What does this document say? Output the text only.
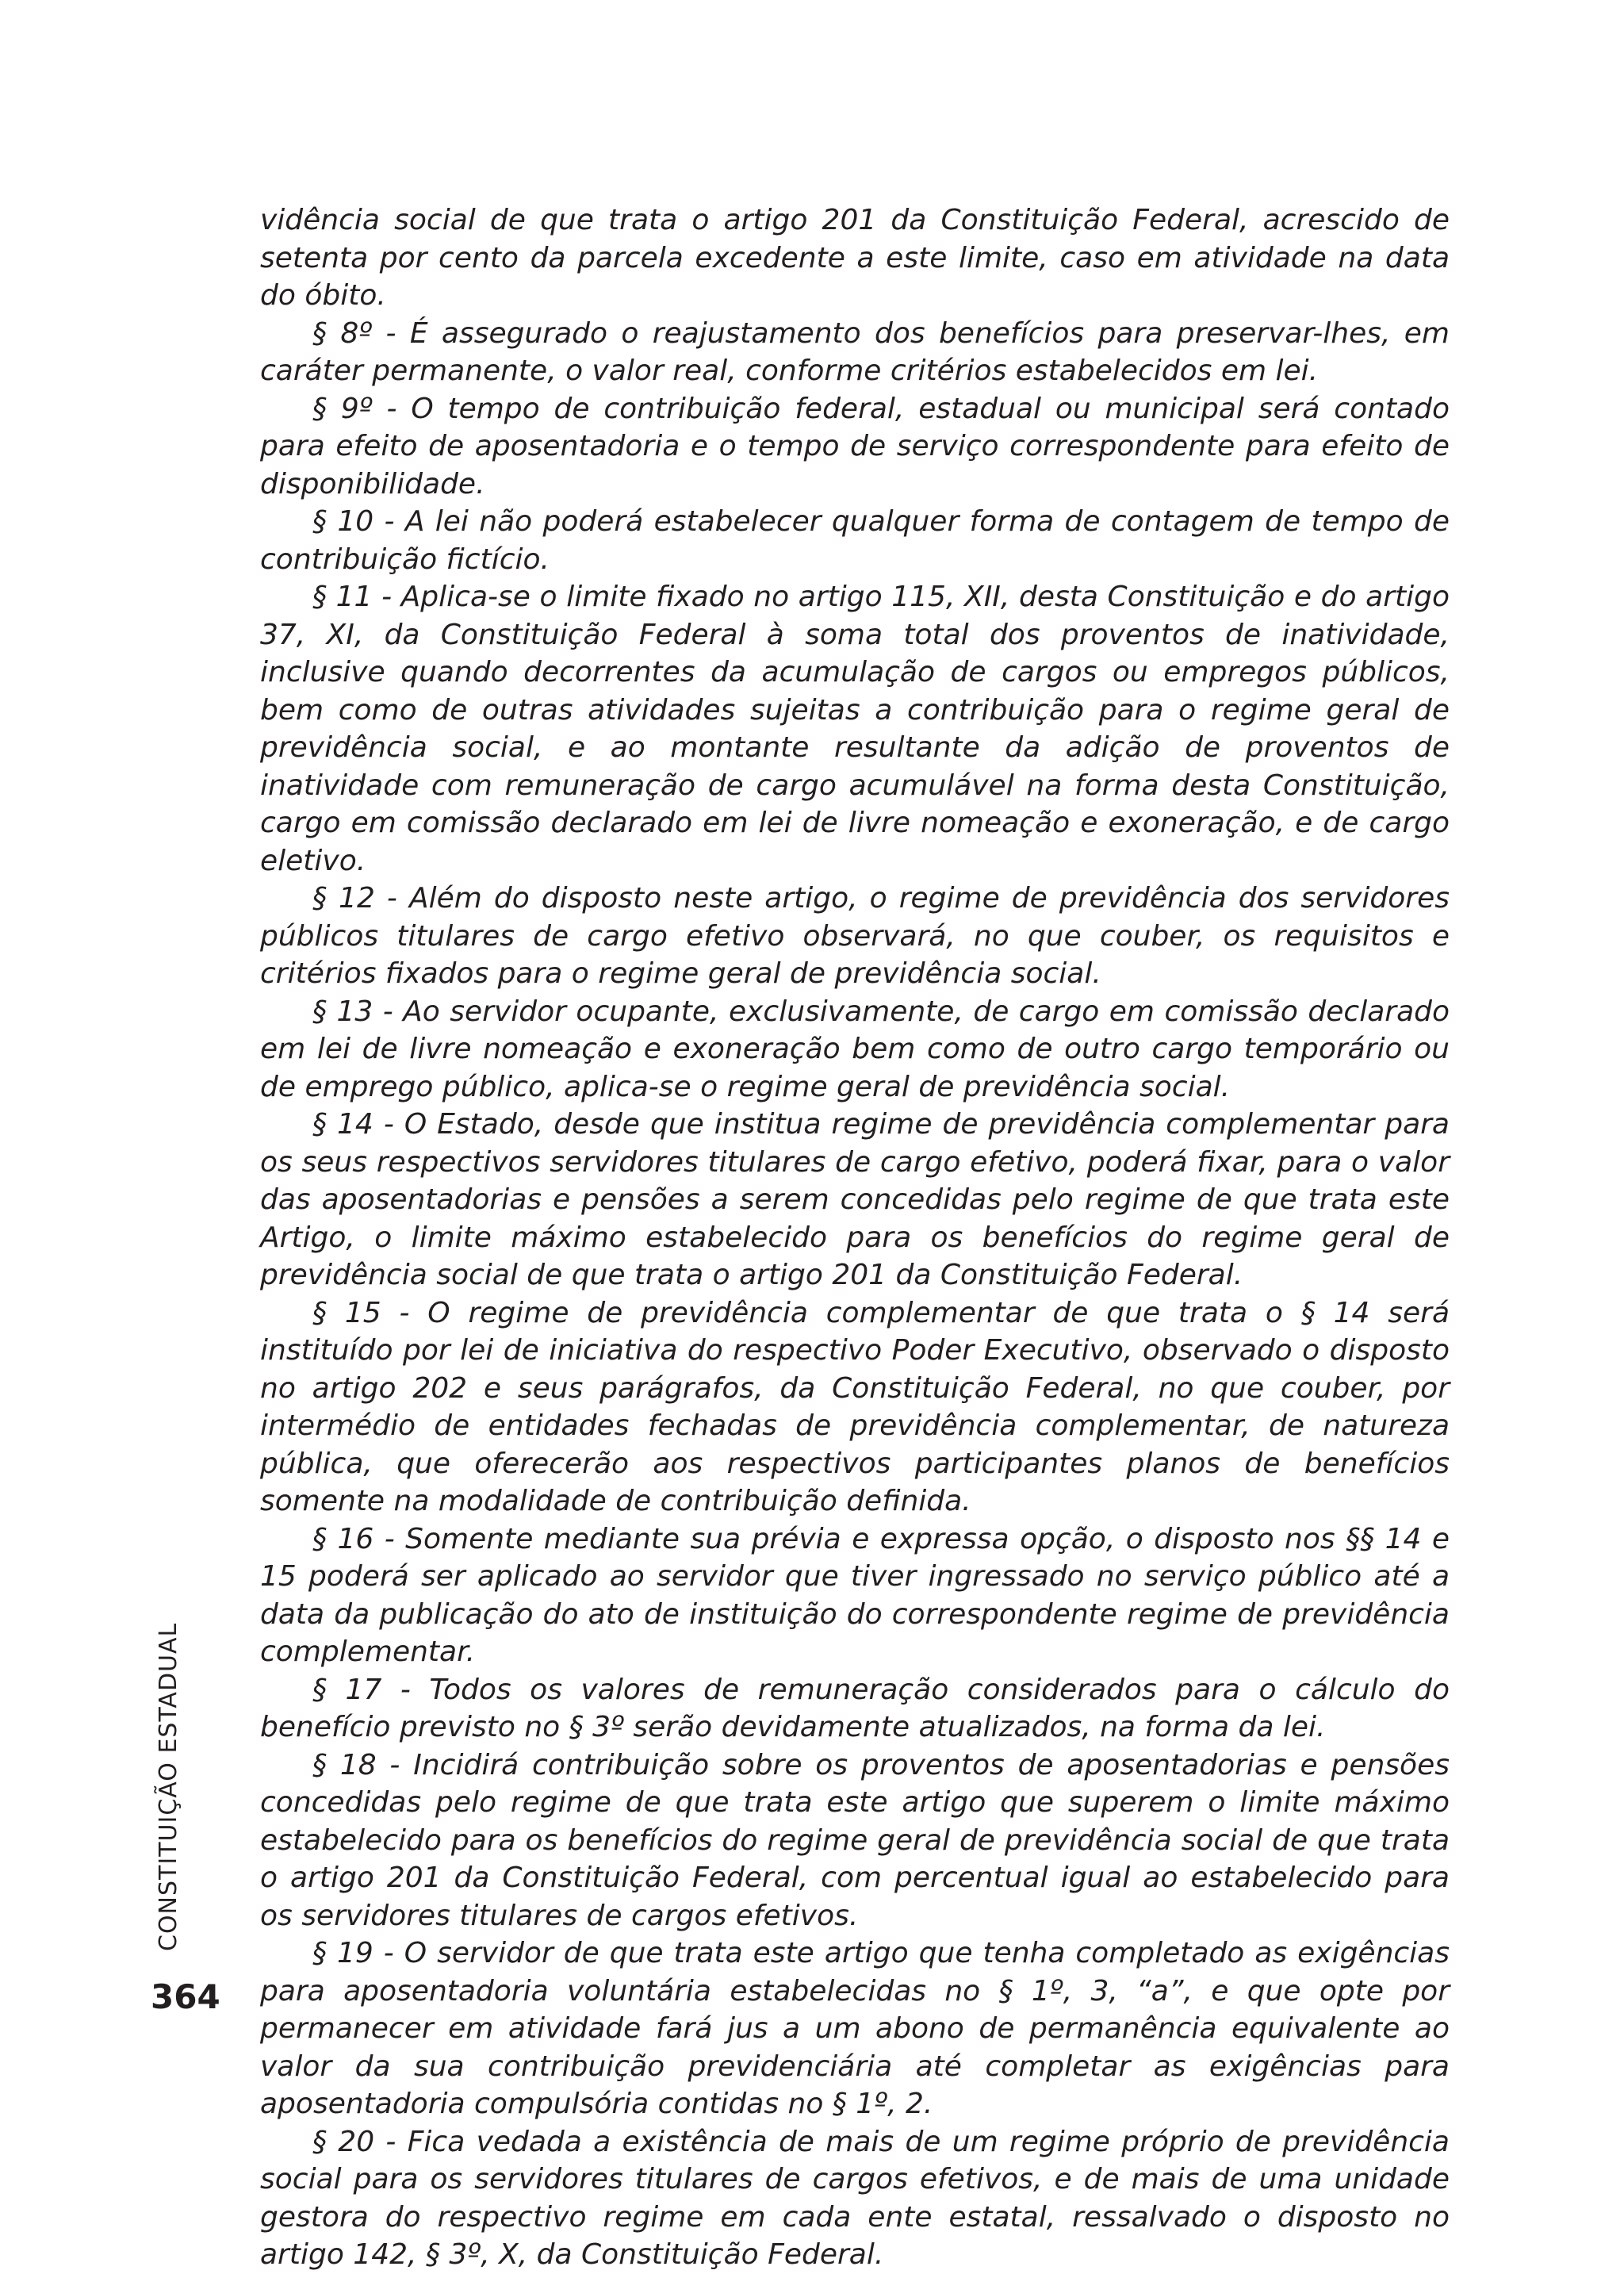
vidência social de que trata o artigo 201 da Constituição Federal, acrescido de setenta por cento da parcela excedente a este limite, caso em atividade na data do óbito.

§ 8º - É assegurado o reajustamento dos benefícios para preservar-lhes, em caráter permanente, o valor real, conforme critérios estabelecidos em lei.

§ 9º - O tempo de contribuição federal, estadual ou municipal será contado para efeito de aposentadoria e o tempo de serviço correspondente para efeito de disponibilidade.

§ 10 - A lei não poderá estabelecer qualquer forma de contagem de tempo de contribuição fictício.

§ 11 - Aplica-se o limite fixado no artigo 115, XII, desta Constituição e do artigo 37, XI, da Constituição Federal à soma total dos proventos de inatividade, inclusive quando decorrentes da acumulação de cargos ou empregos públicos, bem como de outras atividades sujeitas a contribuição para o regime geral de previdência social, e ao montante resultante da adição de proventos de inatividade com remuneração de cargo acumulável na forma desta Constituição, cargo em comissão declarado em lei de livre nomeação e exoneração, e de cargo eletivo.

§ 12 - Além do disposto neste artigo, o regime de previdência dos servidores públicos titulares de cargo efetivo observará, no que couber, os requisitos e critérios fixados para o regime geral de previdência social.

§ 13 - Ao servidor ocupante, exclusivamente, de cargo em comissão declarado em lei de livre nomeação e exoneração bem como de outro cargo temporário ou de emprego público, aplica-se o regime geral de previdência social.

§ 14 - O Estado, desde que institua regime de previdência complementar para os seus respectivos servidores titulares de cargo efetivo, poderá fixar, para o valor das aposentadorias e pensões a serem concedidas pelo regime de que trata este Artigo, o limite máximo estabelecido para os benefícios do regime geral de previdência social de que trata o artigo 201 da Constituição Federal.

§ 15 - O regime de previdência complementar de que trata o § 14 será instituído por lei de iniciativa do respectivo Poder Executivo, observado o disposto no artigo 202 e seus parágrafos, da Constituição Federal, no que couber, por intermédio de entidades fechadas de previdência complementar, de natureza pública, que oferecerão aos respectivos participantes planos de benefícios somente na modalidade de contribuição definida.

§ 16 - Somente mediante sua prévia e expressa opção, o disposto nos §§ 14 e 15 poderá ser aplicado ao servidor que tiver ingressado no serviço público até a data da publicação do ato de instituição do correspondente regime de previdência complementar.

§ 17 - Todos os valores de remuneração considerados para o cálculo do benefício previsto no § 3º serão devidamente atualizados, na forma da lei.

§ 18 - Incidirá contribuição sobre os proventos de aposentadorias e pensões concedidas pelo regime de que trata este artigo que superem o limite máximo estabelecido para os benefícios do regime geral de previdência social de que trata o artigo 201 da Constituição Federal, com percentual igual ao estabelecido para os servidores titulares de cargos efetivos.

§ 19 - O servidor de que trata este artigo que tenha completado as exigências para aposentadoria voluntária estabelecidas no § 1º, 3, “a”, e que opte por permanecer em atividade fará jus a um abono de permanência equivalente ao valor da sua contribuição previdenciária até completar as exigências para aposentadoria compulsória contidas no § 1º, 2.

§ 20 - Fica vedada a existência de mais de um regime próprio de previdência social para os servidores titulares de cargos efetivos, e de mais de uma unidade gestora do respectivo regime em cada ente estatal, ressalvado o disposto no artigo 142, § 3º, X, da Constituição Federal.

CONSTITUIÇÃO ESTADUAL
364
